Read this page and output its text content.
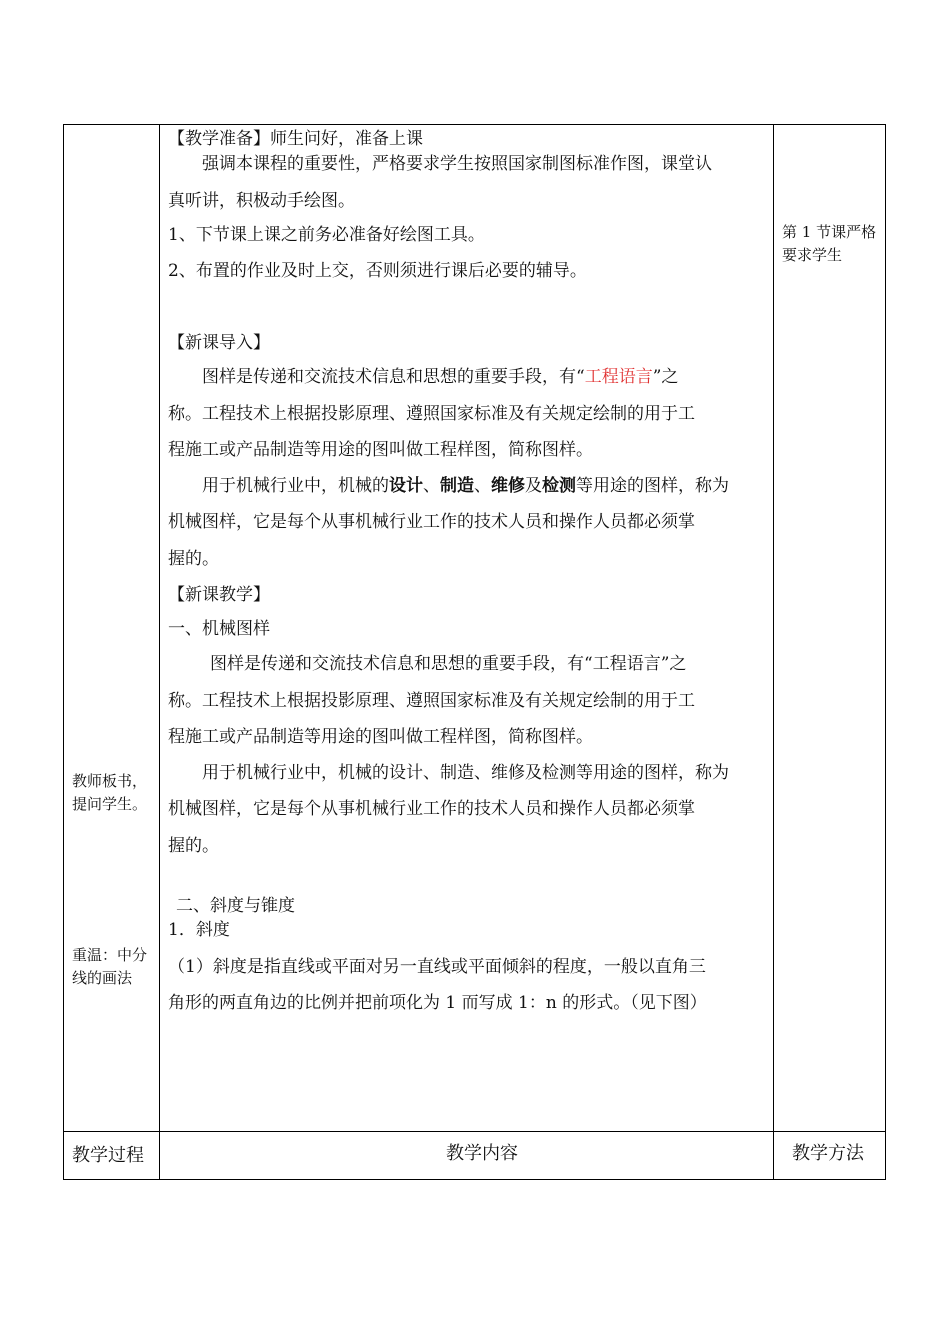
教师板书，提问学生。
重温：中分线的画法
第 1 节课严格要求学生
【教学准备】师生问好，准备上课
强调本课程的重要性，严格要求学生按照国家制图标准作图，课堂认
真听讲，积极动手绘图。
1、下节课上课之前务必准备好绘图工具。
2、布置的作业及时上交，否则须进行课后必要的辅导。
【新课导入】
图样是传递和交流技术信息和思想的重要手段，有“工程语言”之
称。工程技术上根据投影原理、遵照国家标准及有关规定绘制的用于工
程施工或产品制造等用途的图叫做工程样图，简称图样。
用于机械行业中，机械的设计、制造、维修及检测等用途的图样，称为
机械图样，它是每个从事机械行业工作的技术人员和操作人员都必须掌
握的。
【新课教学】
一、机械图样
图样是传递和交流技术信息和思想的重要手段，有“工程语言”之
称。工程技术上根据投影原理、遵照国家标准及有关规定绘制的用于工
程施工或产品制造等用途的图叫做工程样图，简称图样。
用于机械行业中，机械的设计、制造、维修及检测等用途的图样，称为
机械图样，它是每个从事机械行业工作的技术人员和操作人员都必须掌
握的。
二、斜度与锥度
1．斜度
（1）斜度是指直线或平面对另一直线或平面倾斜的程度，一般以直角三
角形的两直角边的比例并把前项化为 1 而写成 1：n 的形式。（见下图）
教学过程	教学内容	教学方法
